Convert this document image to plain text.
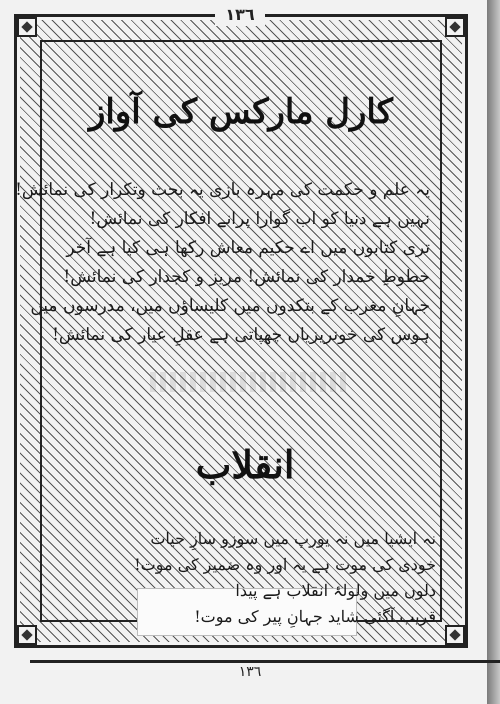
۱۳٦
کارل مارکس کی آواز
یہ علم و حکمت کی مہرہ بازی یہ بحث وتکرار کی نمائش!
نہیں ہے دنیا کو اب گوارا پرانے افکار کی نمائش!
تری کتابوں میں اے حکیم معاش رکھا ہی کیا ہے آخر
خطوطِ خمدار کی نمائش! مریز و کجدار کی نمائش!
جہانِ مغرب کے بتکدوں میں کلیساؤں میں، مدرسوں میں
ہوس کی خونریزیاں چھپاتی ہے عقلِ عیار کی نمائش!
انقلاب
نہ ایشیا میں نہ یورپ میں سوزو سازِ حیات
خودی کی موت ہے یہ اور وہ ضمیر کی موت!
دلوں میں ولولۂ انقلاب ہے پیدا
قریب آگئی شاید جہانِ پیر کی موت!
۱۳٦
